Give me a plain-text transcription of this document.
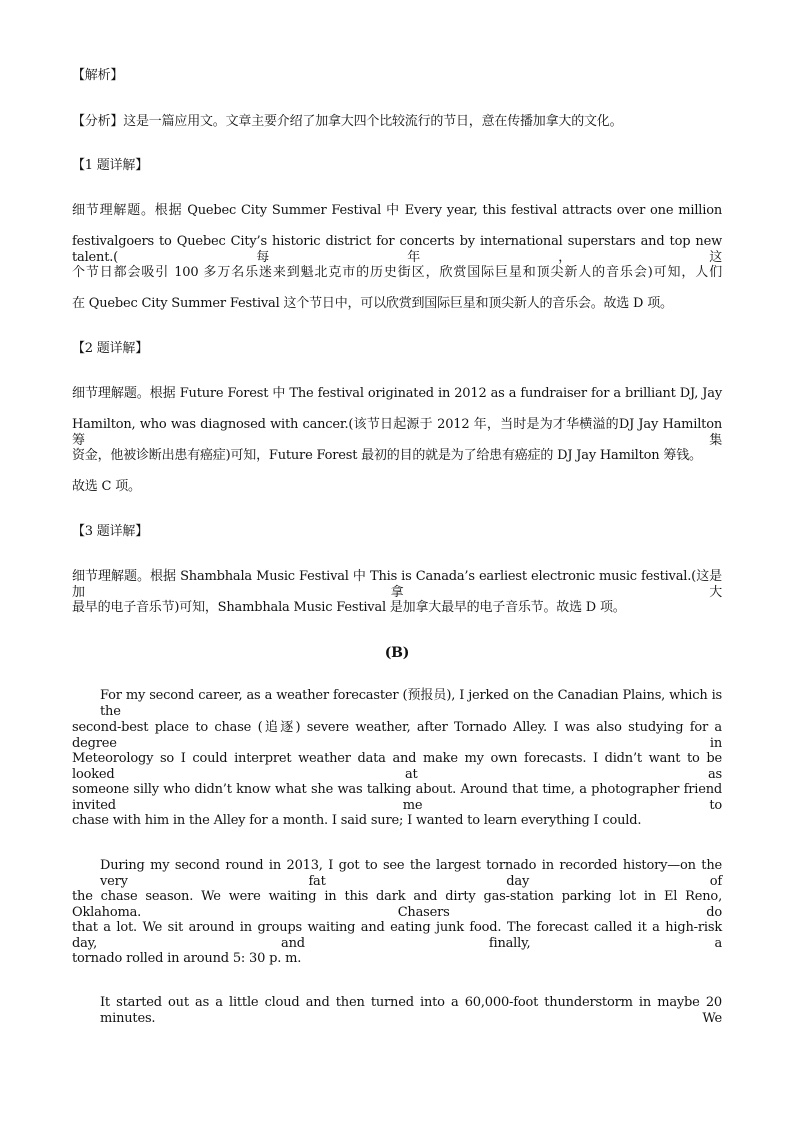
【解析】
【分析】这是一篇应用文。文章主要介绍了加拿大四个比较流行的节日，意在传播加拿大的文化。
【1 题详解】
细节理解题。根据 Quebec City Summer Festival 中 Every year, this festival attracts over one million
festivalgoers to Quebec City’s historic district for concerts by international superstars and top new talent.(每年，这
个节日都会吸引 100 多万名乐迷来到魁北克市的历史街区，欣赏国际巨星和顶尖新人的音乐会)可知，人们
在 Quebec City Summer Festival 这个节日中，可以欣赏到国际巨星和顶尖新人的音乐会。故选 D 项。
【2 题详解】
细节理解题。根据 Future Forest 中 The festival originated in 2012 as a fundraiser for a brilliant DJ, Jay
Hamilton, who was diagnosed with cancer.(该节日起源于 2012 年，当时是为才华横溢的DJ Jay Hamilton 筹集
资金，他被诊断出患有癌症)可知，Future Forest 最初的目的就是为了给患有癌症的 DJ Jay Hamilton 筹钱。
故选 C 项。
【3 题详解】
细节理解题。根据 Shambhala Music Festival 中 This is Canada’s earliest electronic music festival.(这是加拿大
最早的电子音乐节)可知，Shambhala Music Festival 是加拿大最早的电子音乐节。故选 D 项。
(B)
For my second career, as a weather forecaster (预报员), I jerked on the Canadian Plains, which is the
second-best place to chase (追逐) severe weather, after Tornado Alley. I was also studying for a degree in
Meteorology so I could interpret weather data and make my own forecasts. I didn’t want to be looked at as
someone silly who didn’t know what she was talking about. Around that time, a photographer friend invited me to
chase with him in the Alley for a month. I said sure; I wanted to learn everything I could.
During my second round in 2013, I got to see the largest tornado in recorded history—on the very fat day of
the chase season. We were waiting in this dark and dirty gas-station parking lot in El Reno, Oklahoma. Chasers do
that a lot. We sit around in groups waiting and eating junk food. The forecast called it a high-risk day, and finally, a
tornado rolled in around 5: 30 p. m.
It started out as a little cloud and then turned into a 60,000-foot thunderstorm in maybe 20 minutes. We
